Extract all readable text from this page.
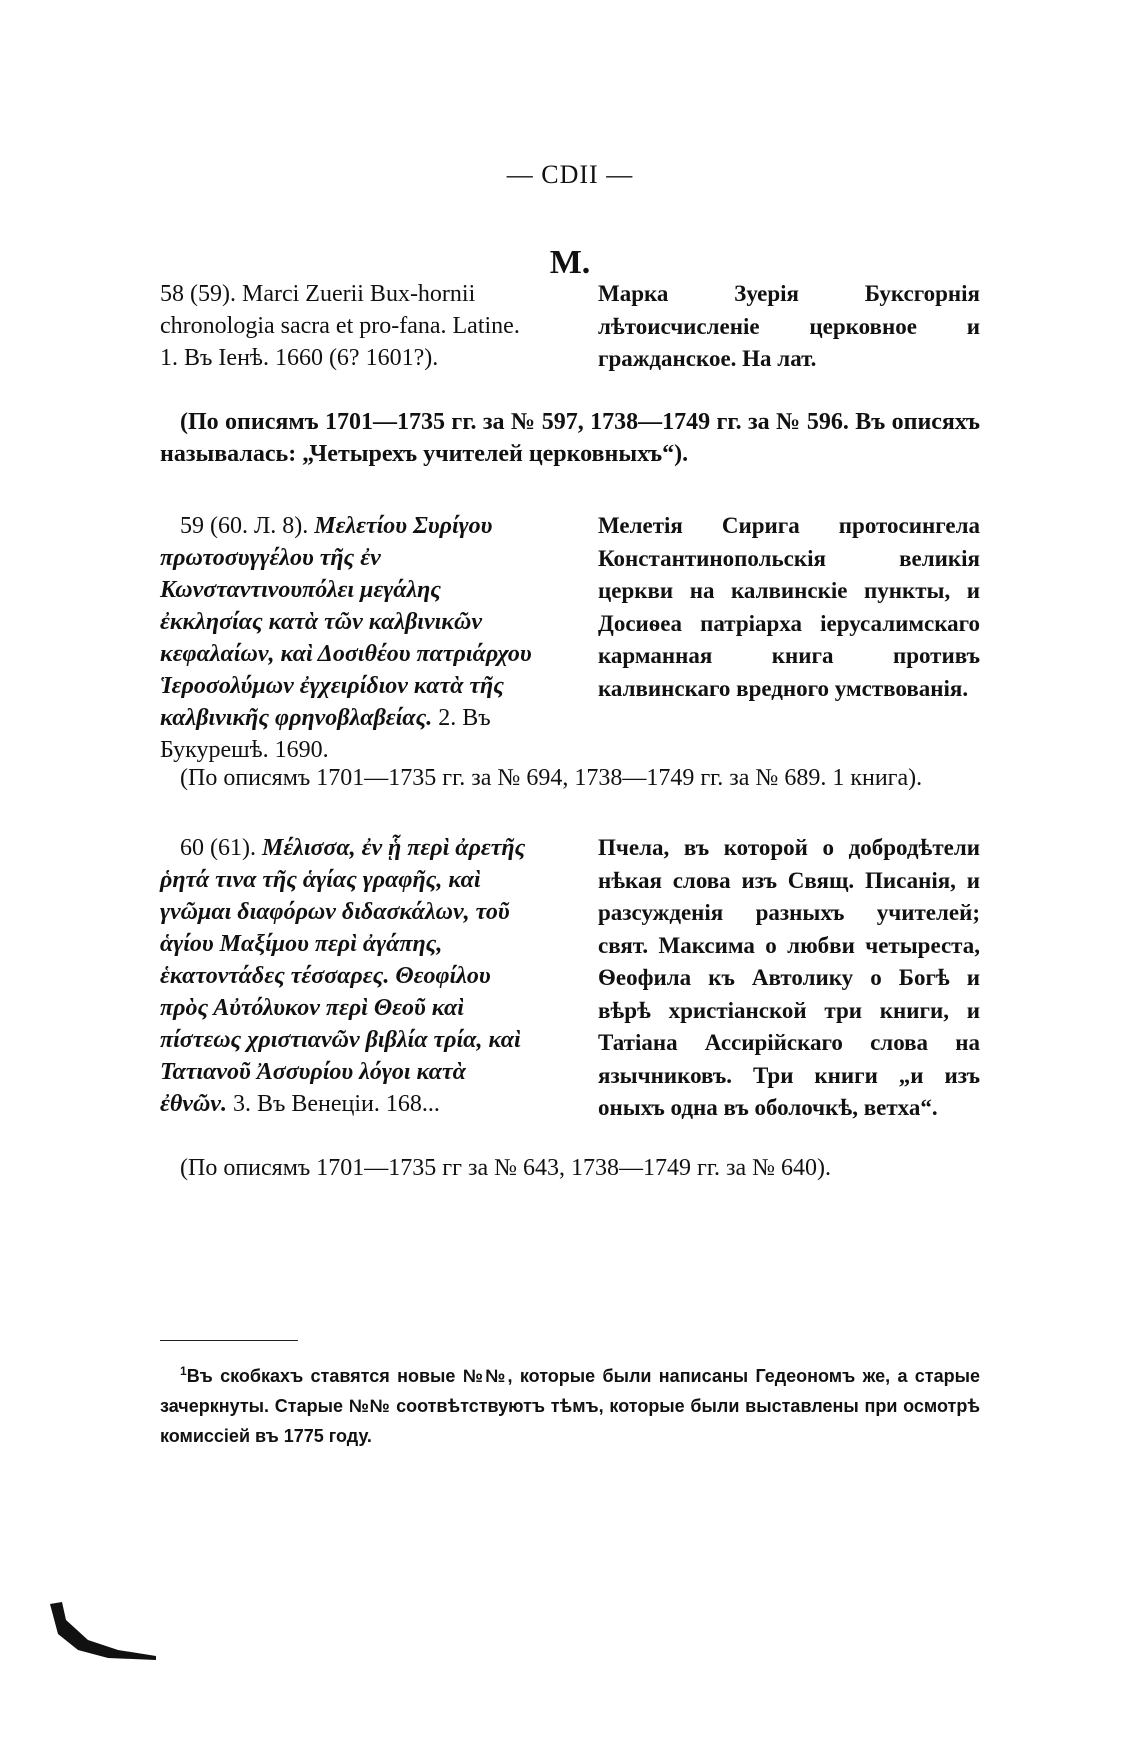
— CDII —
M.
58 (59). Marci Zuerii Bux-horniі chronologia sacra et pro-fana. Latine. 1. Въ Iенѣ. 1660 (6? 1601?).
Марка Зуерія Буксгорнія лѣтоисчисленіе церковное и гражданское. На лат.
(По описямъ 1701—1735 гг. за № 597, 1738—1749 гг. за № 596. Въ описяхъ называлась: „Четырехъ учителей церковныхъ“).
59 (60. Л. 8). Μελετίου Συρίγου πρωτοσυγγέλου τῆς ἐν Κωνσταντινουπόλει μεγάλης ἐκκλησίας κατὰ τῶν καλβινικῶν κεφαλαίων, καὶ Δοσιθέου πατριάρχου Ἱεροσολύμων ἐγχειρίδιον κατὰ τῆς καλβινικῆς φρηνοβλαβείας. 2. Въ Букурешѣ. 1690.
Мелетія Сирига протосингела Константинопольскія великія церкви на калвинскіе пункты, и Досиѳеа патріарха іерусалимскаго карманная книга противъ калвинскаго вредного умствованія.
(По описямъ 1701—1735 гг. за № 694, 1738—1749 гг. за № 689. 1 книга).
60 (61). Μέλισσα, ἐν ᾗ περὶ ἀρετῆς ῥητά τινα τῆς ἁγίας γραφῆς, καὶ γνῶμαι διαφόρων διδασκάλων, τοῦ ἁγίου Μαξίμου περὶ ἀγάπης, ἑκατοντάδες τέσσαρες. Θεοφίλου πρὸς Αὐτόλυκον περὶ Θεοῦ καὶ πίστεως χριστιανῶν βιβλία τρία, καὶ Τατιανοῦ Ἀσσυρίου λόγοι κατὰ ἐθνῶν. 3. Въ Венеціи. 168...
Пчела, въ которой о добродѣтели нѣкая слова изъ Свящ. Писанія, и разсужденія разныхъ учителей; свят. Максима о любви четыреста, Ѳеофила къ Автолику о Богѣ и вѣрѣ христіанской три книги, и Татіана Ассирійскаго слова на язычниковъ. Три книги „и изъ оныхъ одна въ оболочкѣ, ветха“.
(По описямъ 1701—1735 гг за № 643, 1738—1749 гг. за № 640).
$^1$Въ скобкахъ ставятся новые №№, которые были написаны Гедеономъ же, а старые зачеркнуты. Старые №№ соотвѣтствуютъ тѣмъ, которые были выставлены при осмотрѣ комиссiей въ 1775 году.
